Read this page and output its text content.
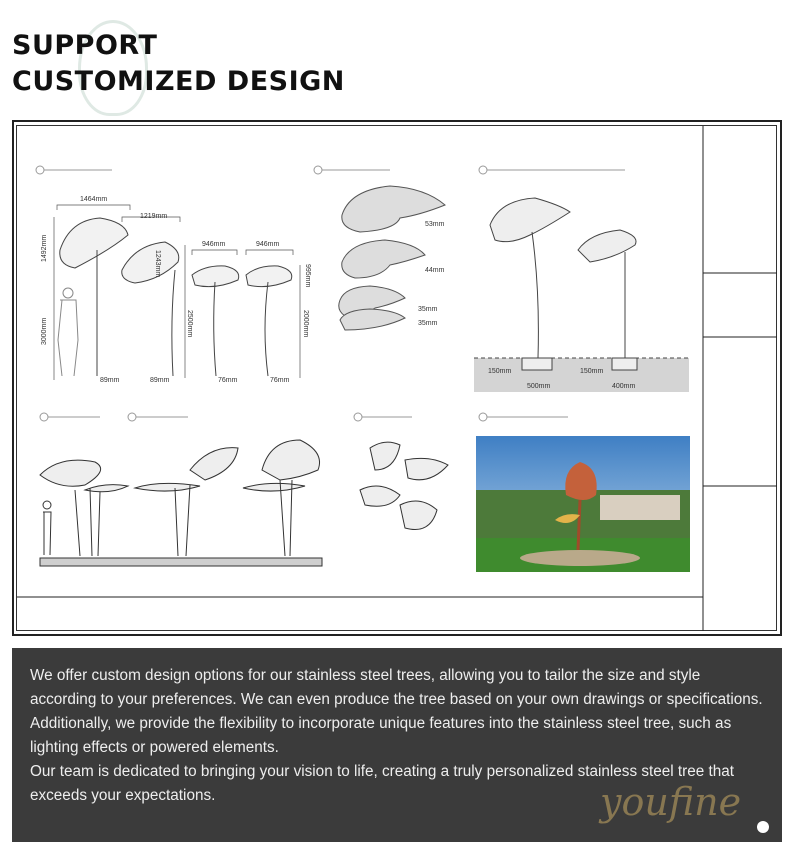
SUPPORT
CUSTOMIZED DESIGN
1464mm
1219mm
946mm	946mm
1492mm
1243mm	995mm
3000mm	2500mm	2000mm
89mm	89mm	76mm	76mm
53mm
44mm
35mm
35mm
150mm
500mm
150mm
400mm

We offer custom design options for our stainless steel trees, allowing you to tailor the size and style according to your preferences. We can even produce the tree based on your own drawings or specifications.

Additionally, we provide the flexibility to incorporate unique features into the stainless steel tree, such as lighting effects or powered elements.

Our team is dedicated to bringing your vision to life, creating a truly personalized stainless steel tree that exceeds your expectations.	youfine
